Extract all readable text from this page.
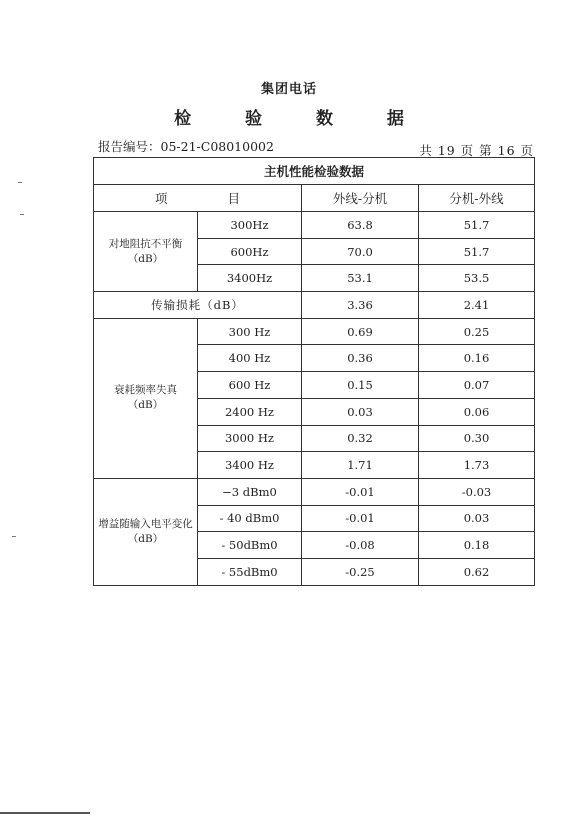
集团电话
检 验 数 据
报告编号：05-21-C08010002	共 19 页 第 16 页
主机性能检验数据			
项 目		外线-分机	分机-外线

对地阻抗不平衡
（dB）	300Hz	63.8	51.7
	600Hz	70.0	51.7
	3400Hz	53.1	53.5
传输损耗（dB）		3.36	2.41

衰耗频率失真
（dB）	300 Hz	0.69	0.25
	400 Hz	0.36	0.16
	600 Hz	0.15	0.07
	2400 Hz	0.03	0.06
	3000 Hz	0.32	0.30
	3400 Hz	1.71	1.73

增益随输入电平变化
（dB）	−3 dBm0	-0.01	-0.03
	- 40 dBm0	-0.01	0.03
	- 50dBm0	-0.08	0.18
	- 55dBm0	-0.25	0.62
